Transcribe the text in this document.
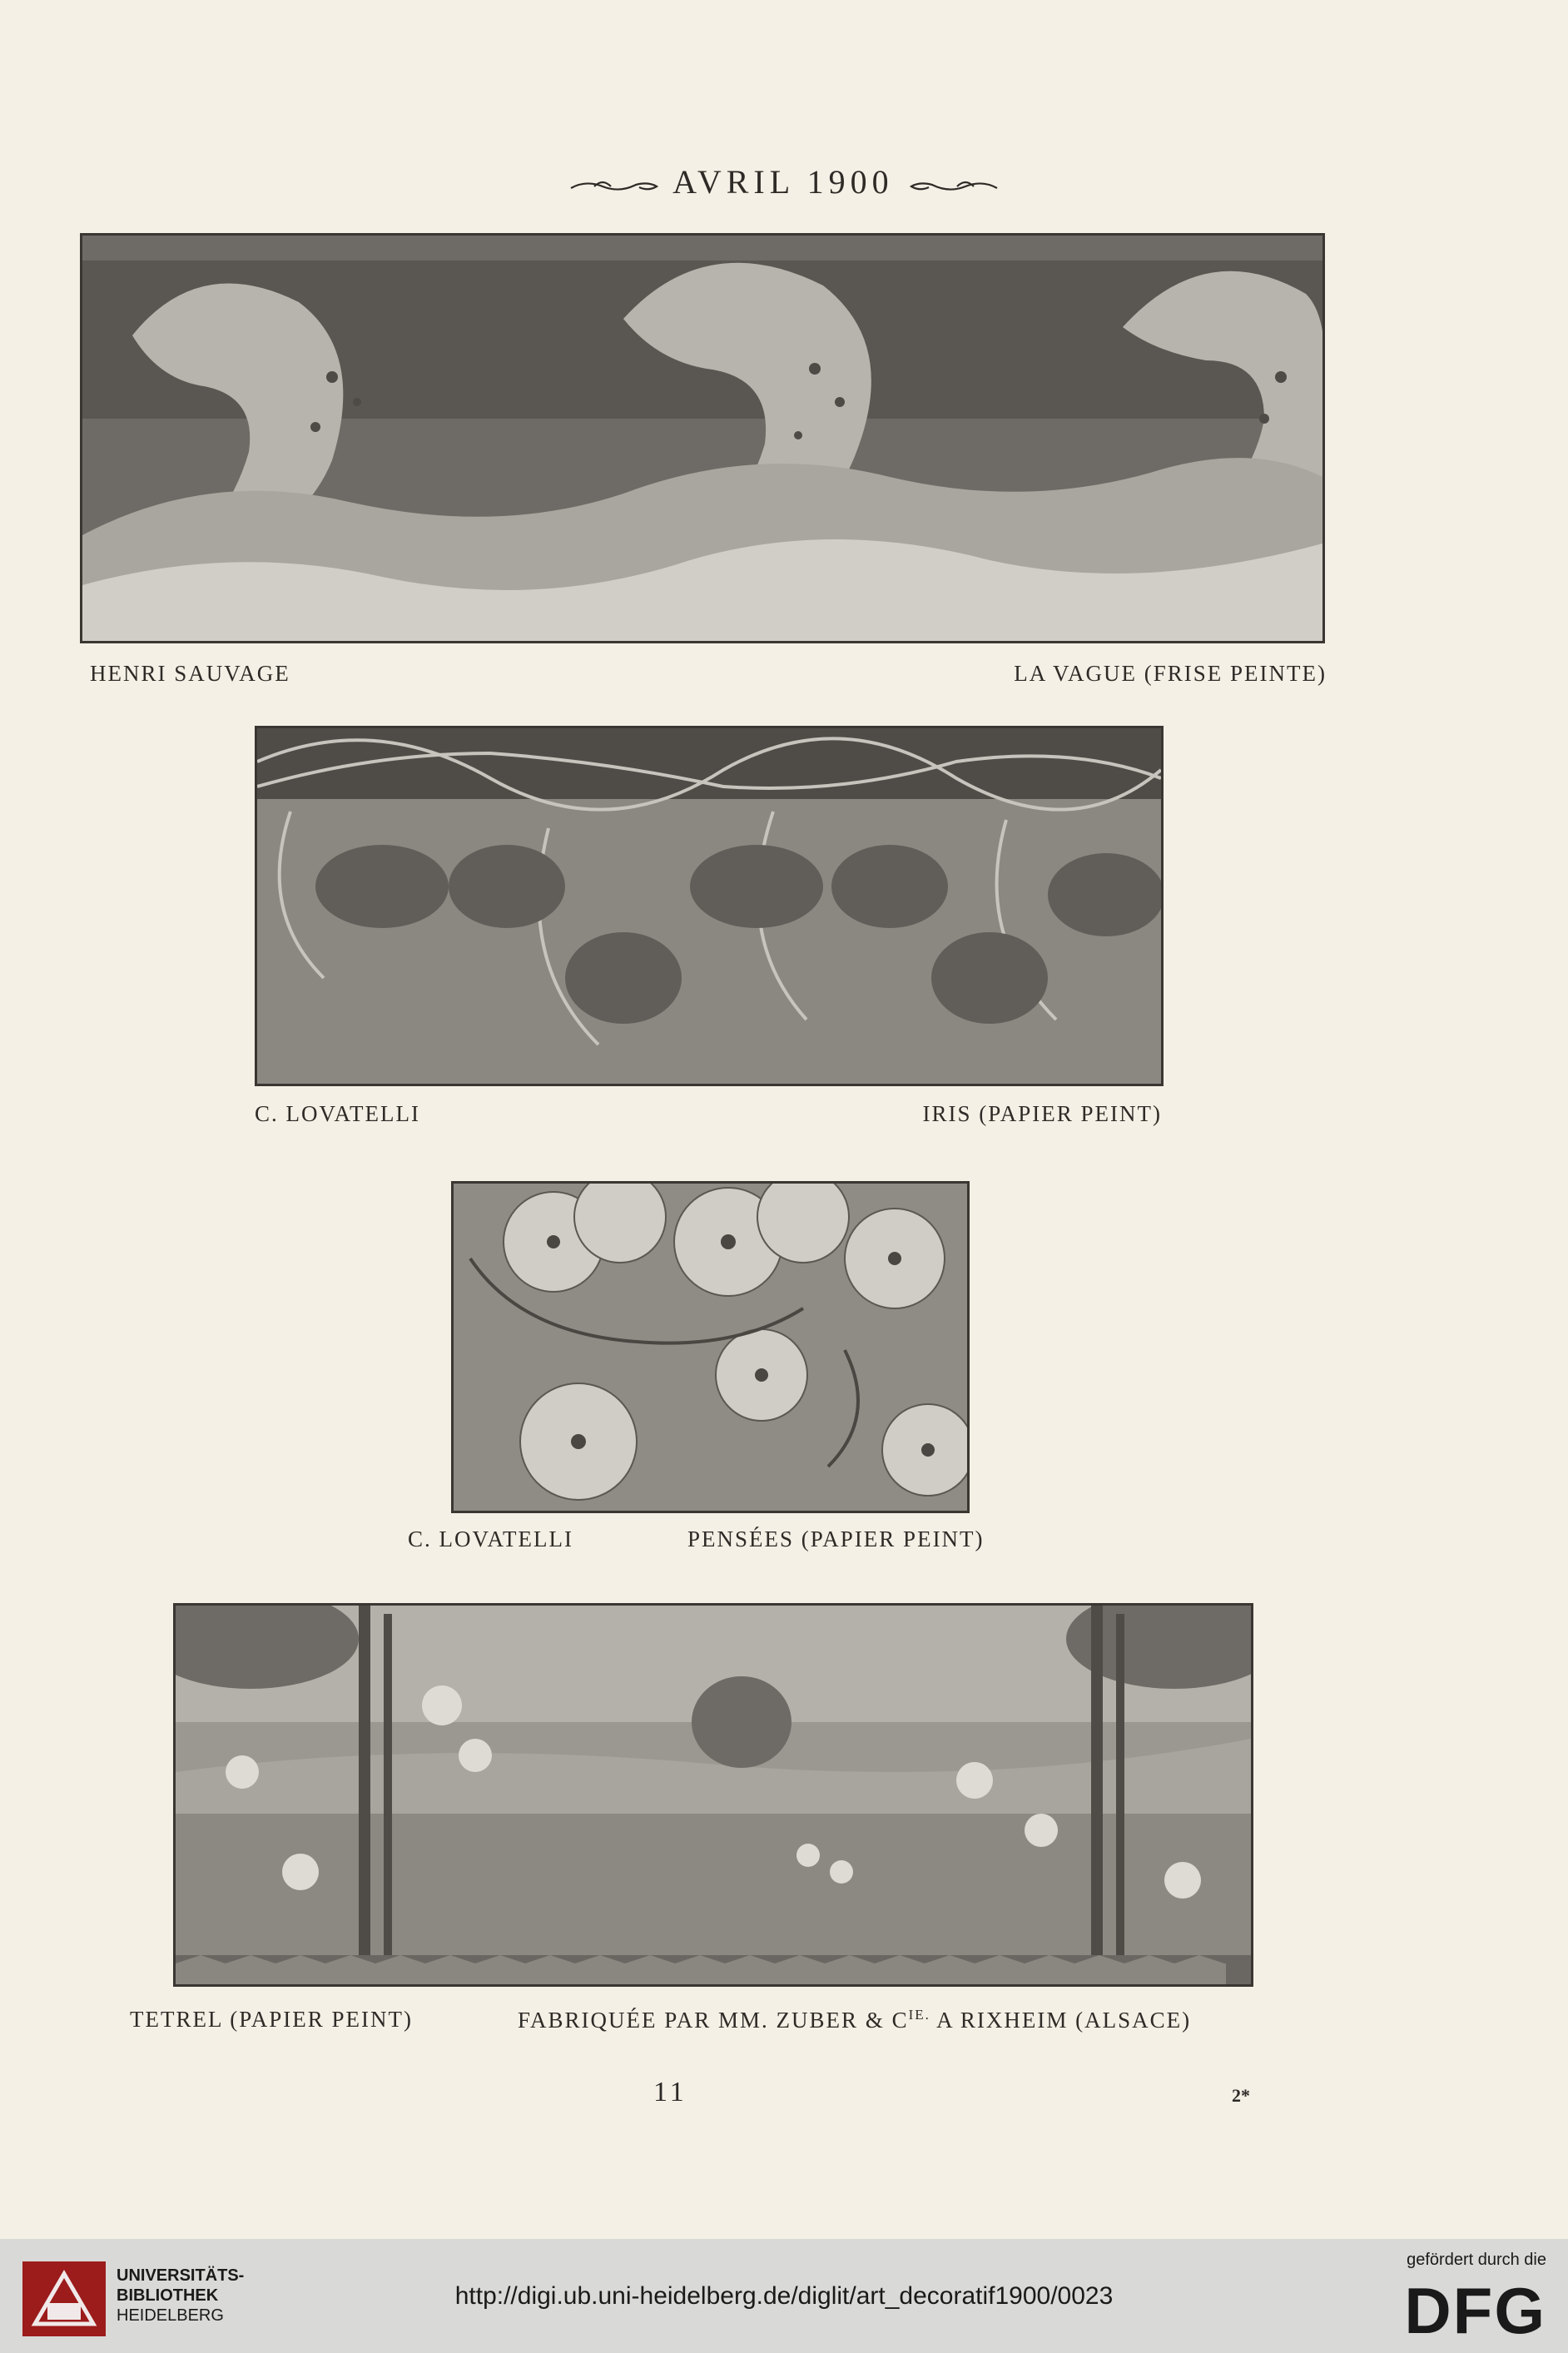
AVRIL 1900
HENRI SAUVAGE	LA VAGUE (FRISE PEINTE)
C. LOVATELLI	IRIS (PAPIER PEINT)
C. LOVATELLI	PENSÉES (PAPIER PEINT)
TETREL (PAPIER PEINT)	FABRIQUÉE PAR MM. ZUBER & $C^{IE.}$ A RIXHEIM (ALSACE)
11	2*
UNIVERSITÄTS-
BIBLIOTHEK
HEIDELBERG
http://digi.ub.uni-heidelberg.de/diglit/art_decoratif1900/0023
gefördert durch die
DFG
